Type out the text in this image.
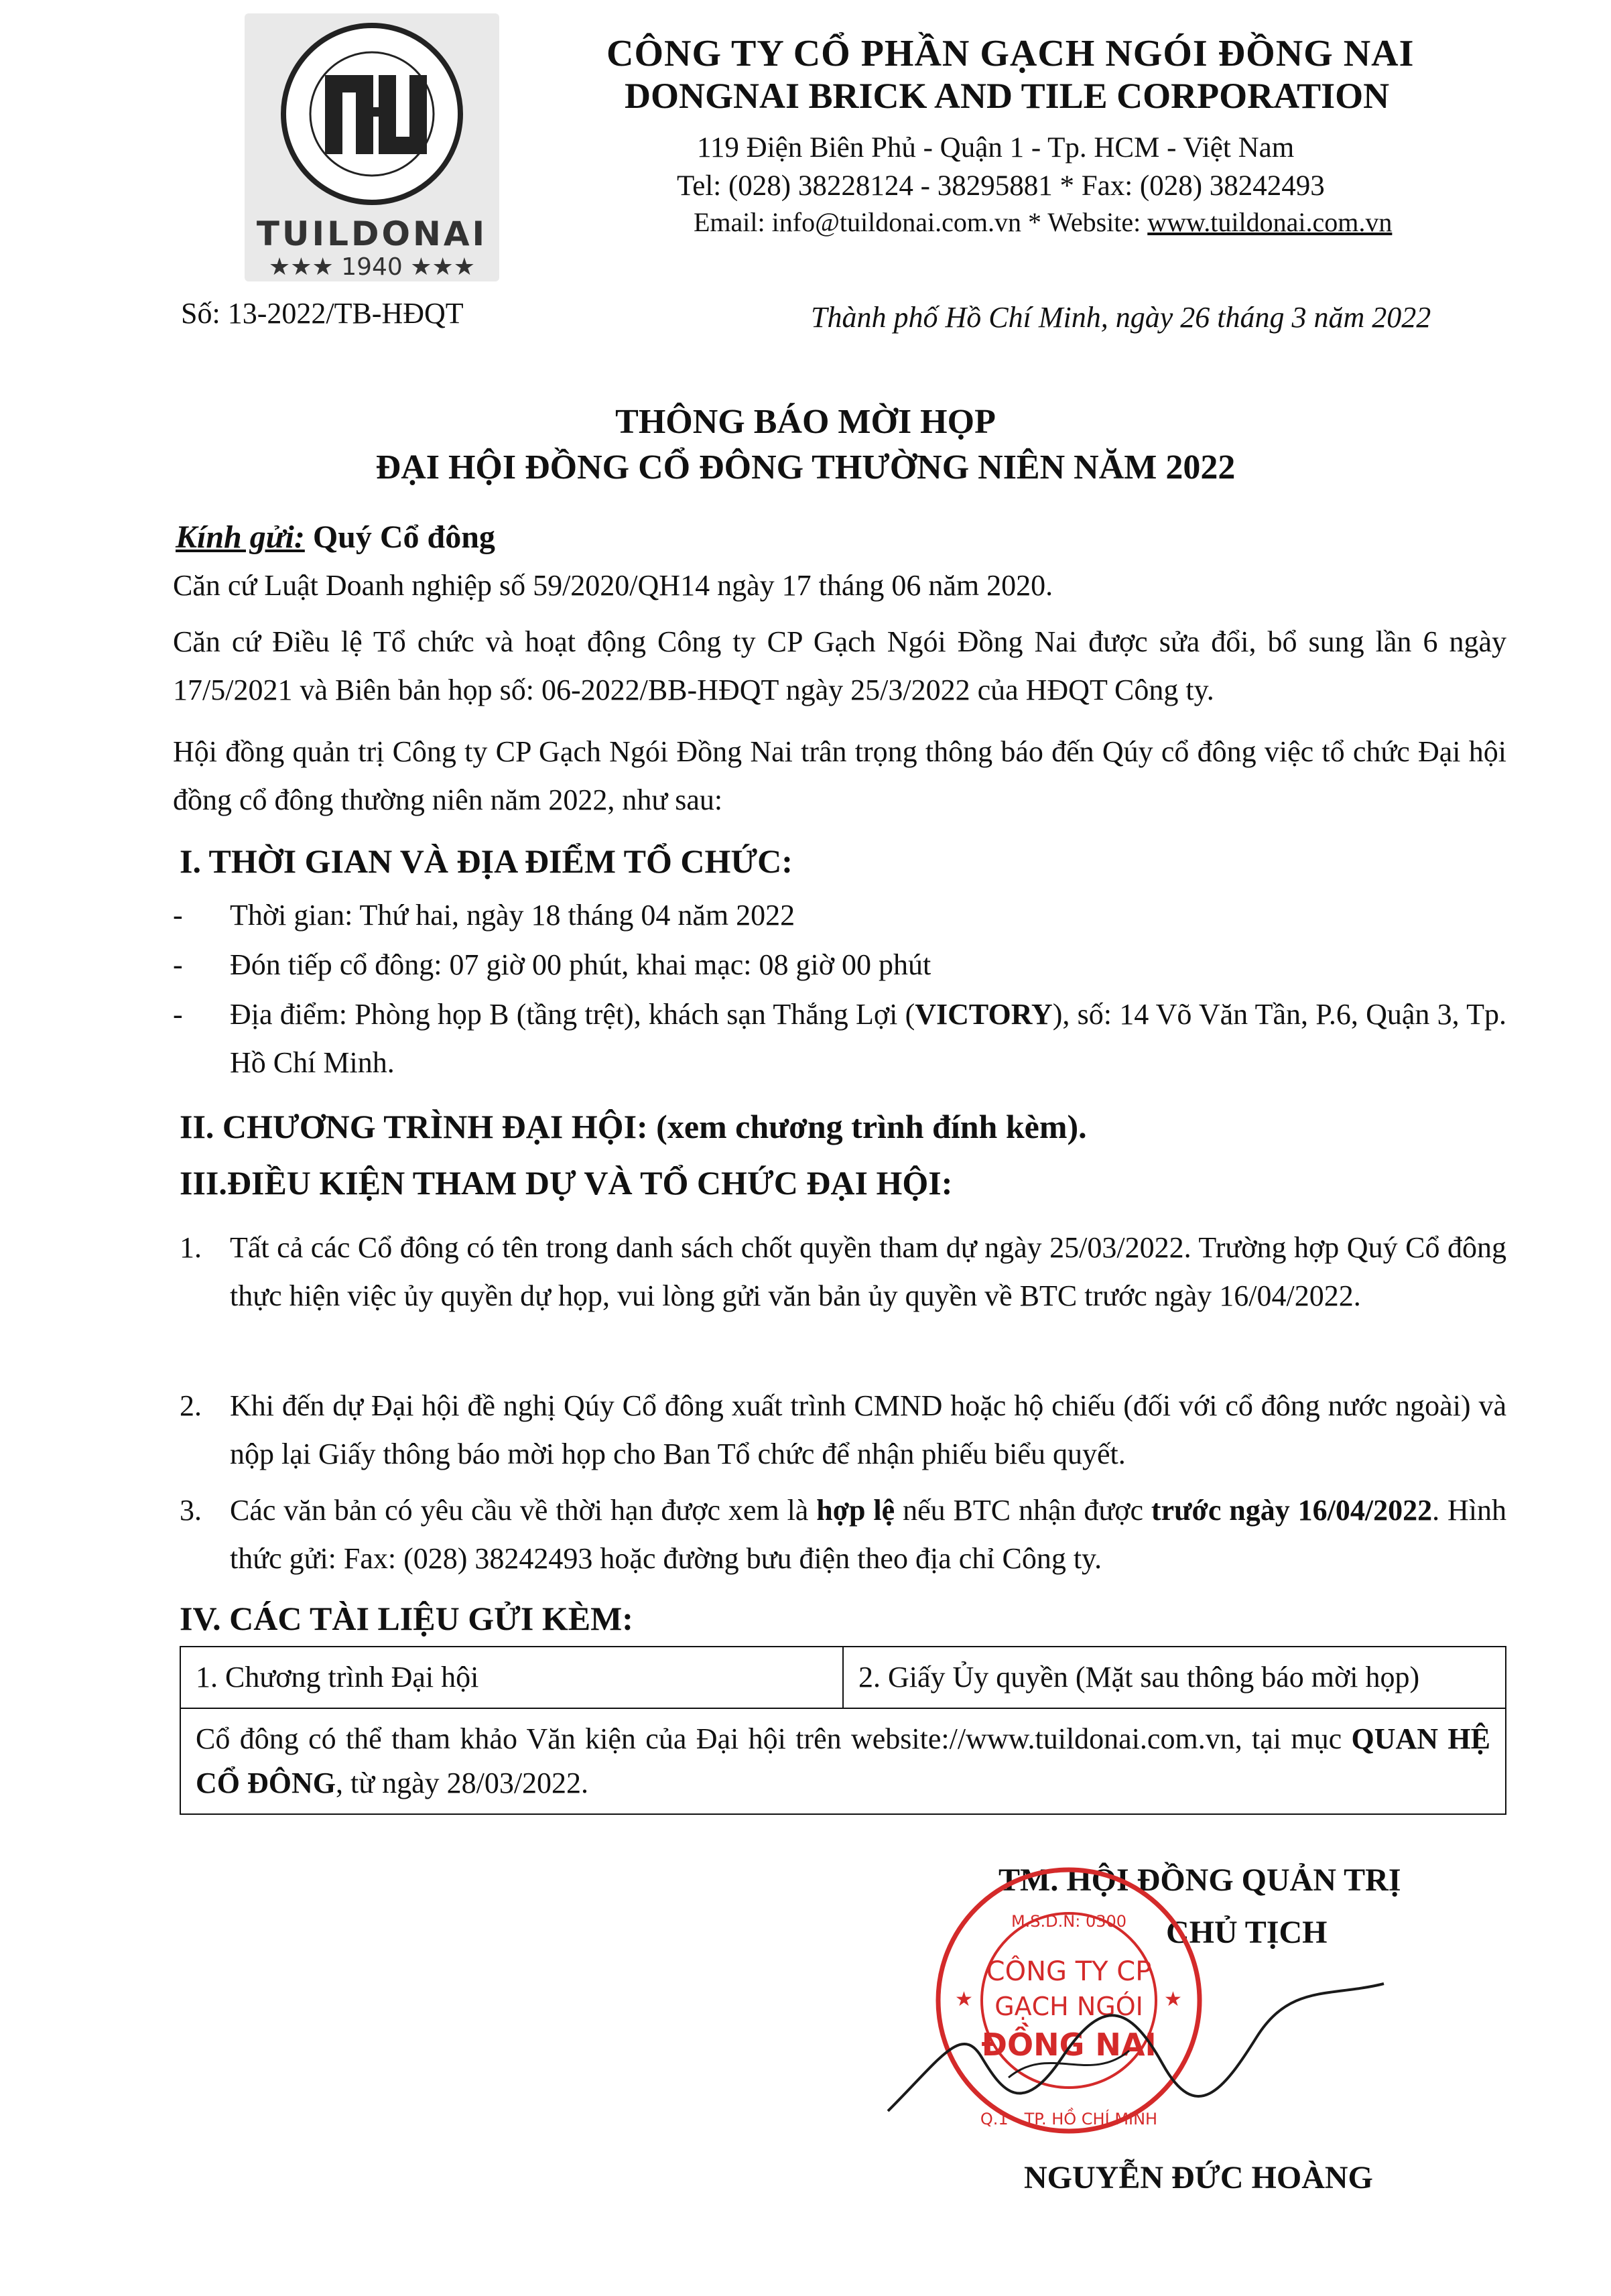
TUILDONAI
★★★ 1940 ★★★
CÔNG TY CỔ PHẦN GẠCH NGÓI ĐỒNG NAI
DONGNAI BRICK AND TILE CORPORATION
119 Điện Biên Phủ - Quận 1 - Tp. HCM - Việt Nam
Tel: (028) 38228124 - 38295881 * Fax: (028) 38242493
Email: info@tuildonai.com.vn * Website: www.tuildonai.com.vn
Số: 13-2022/TB-HĐQT	Thành phố Hồ Chí Minh, ngày 26 tháng 3 năm 2022
THÔNG BÁO MỜI HỌP
ĐẠI HỘI ĐỒNG CỔ ĐÔNG THƯỜNG NIÊN NĂM 2022
Kính gửi: Quý Cổ đông
Căn cứ Luật Doanh nghiệp số 59/2020/QH14 ngày 17 tháng 06 năm 2020.
Căn cứ Điều lệ Tổ chức và hoạt động Công ty CP Gạch Ngói Đồng Nai được sửa đổi, bổ sung lần 6 ngày 17/5/2021 và Biên bản họp số: 06-2022/BB-HĐQT ngày 25/3/2022 của HĐQT Công ty.
Hội đồng quản trị Công ty CP Gạch Ngói Đồng Nai trân trọng thông báo đến Qúy cổ đông việc tổ chức Đại hội đồng cổ đông thường niên năm 2022, như sau:
I. THỜI GIAN VÀ ĐỊA ĐIỂM TỔ CHỨC:
- Thời gian: Thứ hai, ngày 18 tháng 04 năm 2022
- Đón tiếp cổ đông: 07 giờ 00 phút, khai mạc: 08 giờ 00 phút
- Địa điểm: Phòng họp B (tầng trệt), khách sạn Thắng Lợi (VICTORY), số: 14 Võ Văn Tần, P.6, Quận 3, Tp. Hồ Chí Minh.
II. CHƯƠNG TRÌNH ĐẠI HỘI: (xem chương trình đính kèm).
III.ĐIỀU KIỆN THAM DỰ VÀ TỔ CHỨC ĐẠI HỘI:
1. Tất cả các Cổ đông có tên trong danh sách chốt quyền tham dự ngày 25/03/2022. Trường hợp Quý Cổ đông thực hiện việc ủy quyền dự họp, vui lòng gửi văn bản ủy quyền về BTC trước ngày 16/04/2022.
2. Khi đến dự Đại hội đề nghị Qúy Cổ đông xuất trình CMND hoặc hộ chiếu (đối với cổ đông nước ngoài) và nộp lại Giấy thông báo mời họp cho Ban Tổ chức để nhận phiếu biểu quyết.
3. Các văn bản có yêu cầu về thời hạn được xem là hợp lệ nếu BTC nhận được trước ngày 16/04/2022. Hình thức gửi: Fax: (028) 38242493 hoặc đường bưu điện theo địa chỉ Công ty.
IV. CÁC TÀI LIỆU GỬI KÈM:
1. Chương trình Đại hội	2. Giấy Ủy quyền (Mặt sau thông báo mời họp)
Cổ đông có thể tham khảo Văn kiện của Đại hội trên website://www.tuildonai.com.vn, tại mục QUAN HỆ CỔ ĐÔNG, từ ngày 28/03/2022.
TM. HỘI ĐỒNG QUẢN TRỊ
CHỦ TỊCH
M.S.D.N: 0300
Q.1 - TP. HỒ CHÍ MINH
★	★
CÔNG TY CP
GẠCH NGÓI
ĐỒNG NAI
NGUYỄN ĐỨC HOÀNG
